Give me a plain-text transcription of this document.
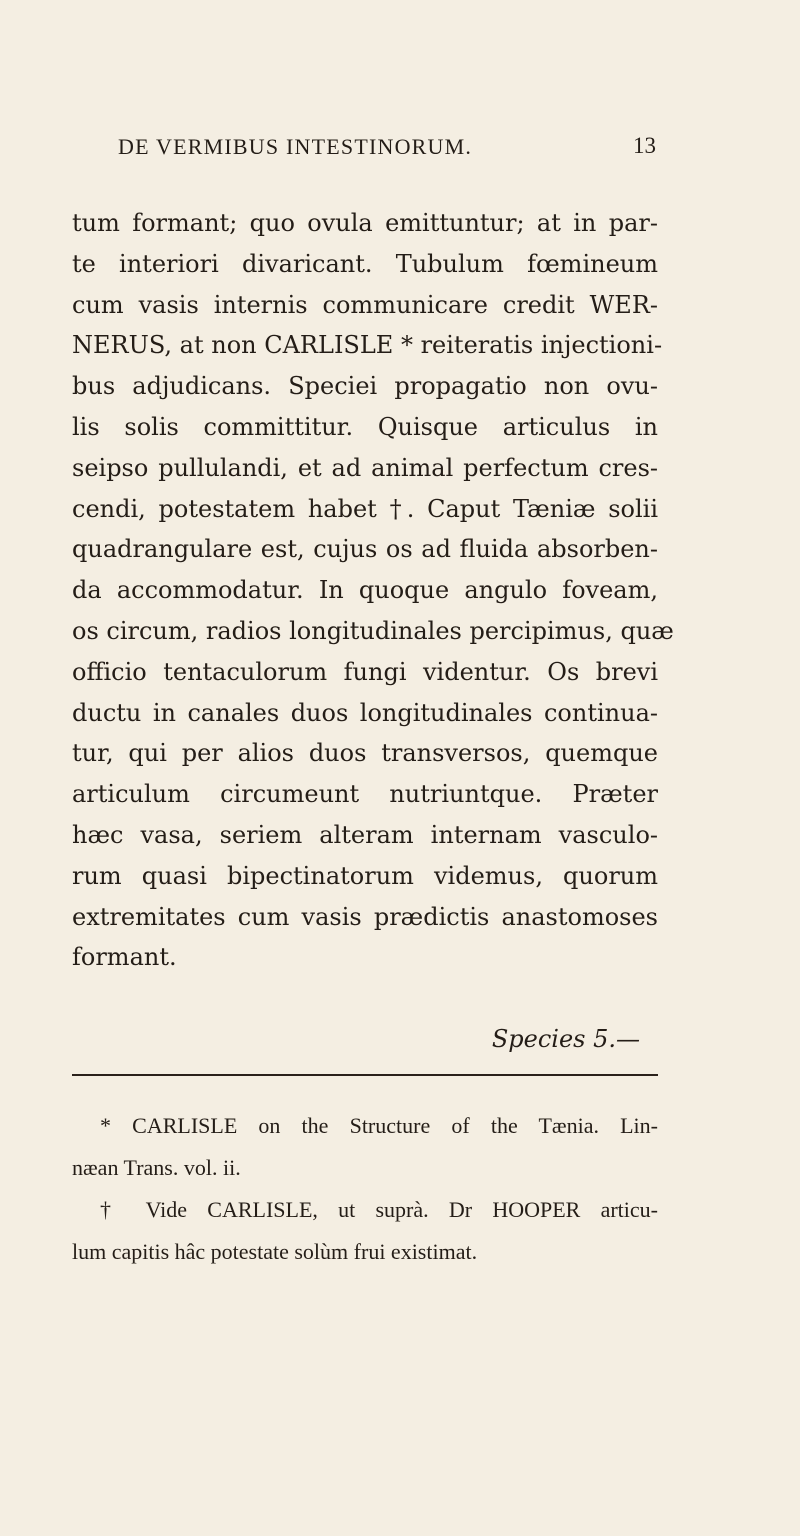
DE VERMIBUS INTESTINORUM.	13
tum formant; quo ovula emittuntur; at in par-
te interiori divaricant. Tubulum fœmineum
cum vasis internis communicare credit WER-
NERUS, at non CARLISLE * reiteratis injectioni-
bus adjudicans. Speciei propagatio non ovu-
lis solis committitur. Quisque articulus in
seipso pullulandi, et ad animal perfectum cres-
cendi, potestatem habet †. Caput Tæniæ solii
quadrangulare est, cujus os ad fluida absorben-
da accommodatur. In quoque angulo foveam,
os circum, radios longitudinales percipimus, quæ
officio tentaculorum fungi videntur. Os brevi
ductu in canales duos longitudinales continua-
tur, qui per alios duos transversos, quemque
articulum circumeunt nutriuntque. Præter
hæc vasa, seriem alteram internam vasculo-
rum quasi bipectinatorum videmus, quorum
extremitates cum vasis prædictis anastomoses
formant.
Species 5.—
* CARLISLE on the Structure of the Tænia. Lin-
næan Trans. vol. ii.
† Vide CARLISLE, ut suprà. Dr HOOPER articu-
lum capitis hâc potestate solùm frui existimat.
